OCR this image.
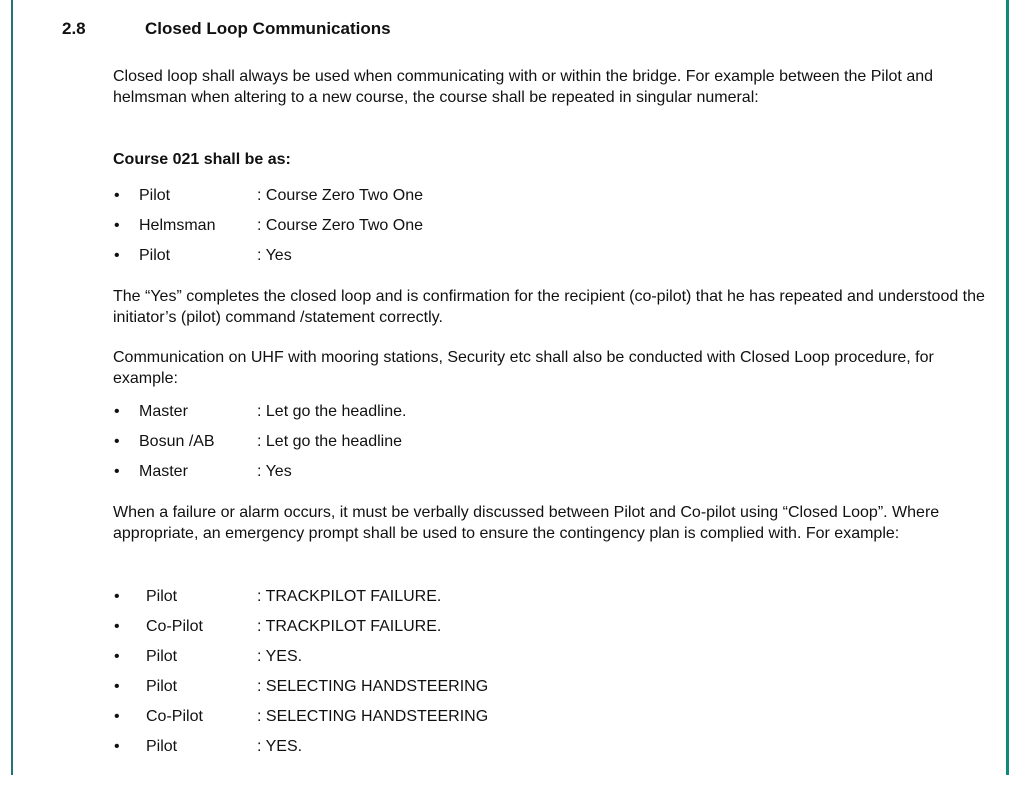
2.8	Closed Loop Communications

Closed loop shall always be used when communicating with or within the bridge. For example between the Pilot and helmsman when altering to a new course, the course shall be repeated in singular numeral:

Course 021 shall be as:

• Pilot	: Course Zero Two One
• Helmsman	: Course Zero Two One
• Pilot	: Yes

The “Yes” completes the closed loop and is confirmation for the recipient (co-pilot) that he has repeated and understood the initiator’s (pilot) command /statement correctly.

Communication on UHF with mooring stations, Security etc shall also be conducted with Closed Loop procedure, for example:

• Master	: Let go the headline.
• Bosun /AB	: Let go the headline
• Master	: Yes

When a failure or alarm occurs, it must be verbally discussed between Pilot and Co-pilot using “Closed Loop”. Where appropriate, an emergency prompt shall be used to ensure the contingency plan is complied with. For example:

• Pilot	: TRACKPILOT FAILURE.
• Co-Pilot	: TRACKPILOT FAILURE.
• Pilot	: YES.
• Pilot	: SELECTING HANDSTEERING
• Co-Pilot	: SELECTING HANDSTEERING
• Pilot	: YES.
